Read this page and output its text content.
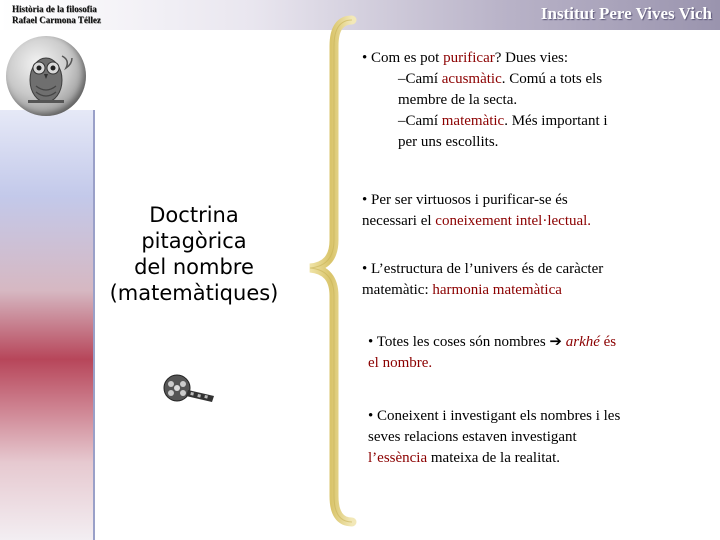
Institut Pere Vives Vich
Història de la filosofia
Rafael Carmona Téllez
Doctrina
pitagòrica
del nombre
(matemàtiques)
• Com es pot purificar? Dues vies:
–Camí acusmàtic. Comú a tots els
membre de la secta.
–Camí matemàtic. Més important i
per uns escollits.
• Per ser virtuosos i purificar-se és
necessari el coneixement intel·lectual.
• L’estructura de l’univers és de caràcter
matemàtic: harmonia matemàtica
• Totes les coses són nombres ➔ arkhé és
el nombre.
• Coneixent i investigant els nombres i les
seves relacions estaven investigant
l’essència mateixa de la realitat.
